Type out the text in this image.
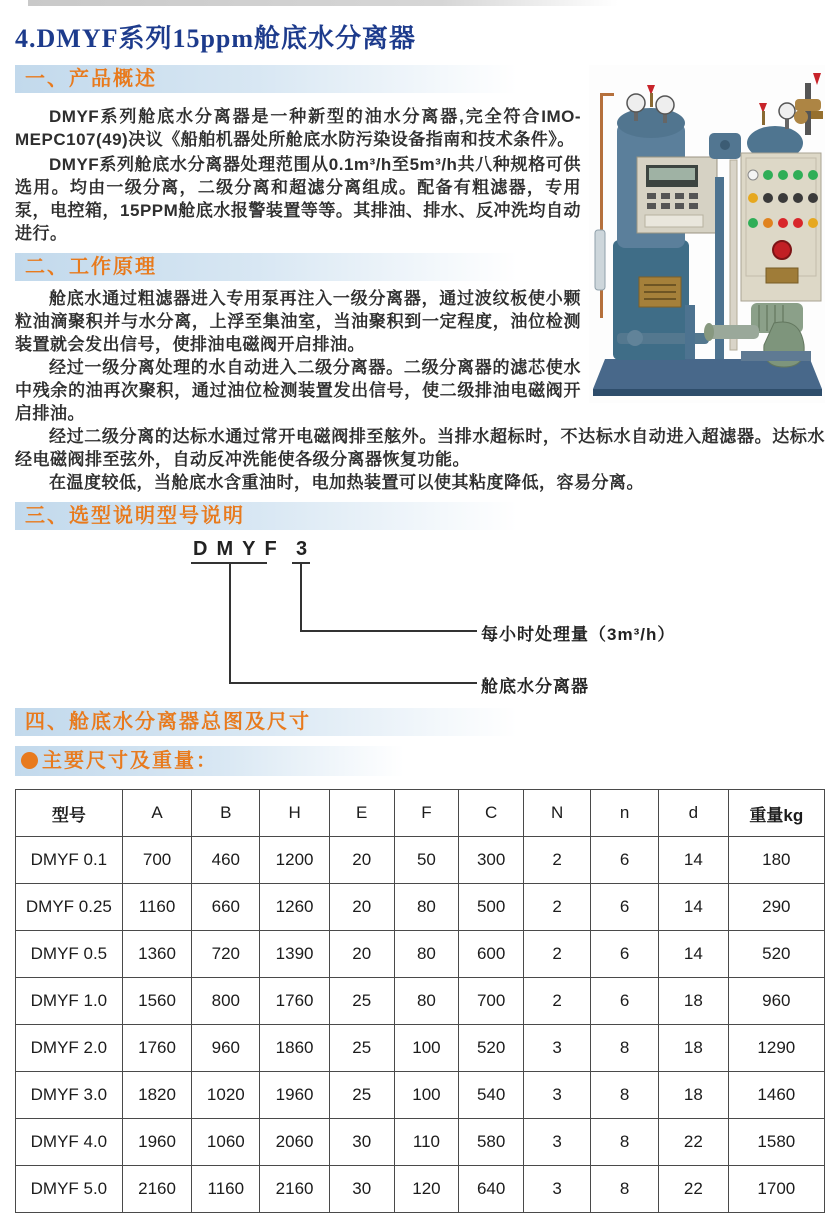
4.DMYF系列15ppm舱底水分离器
一、产品概述

DMYF系列舱底水分离器是一种新型的油水分离器,完全符合IMO-MEPC107(49)决议《船舶机器处所舱底水防污染设备指南和技术条件》。

DMYF系列舱底水分离器处理范围从0.1m³/h至5m³/h共八种规格可供选用。均由一级分离，二级分离和超滤分离组成。配备有粗滤器，专用泵，电控箱，15PPM舱底水报警装置等等。其排油、排水、反冲洗均自动进行。

二、工作原理

舱底水通过粗滤器进入专用泵再注入一级分离器，通过波纹板使小颗粒油滴聚积并与水分离，上浮至集油室，当油聚积到一定程度，油位检测装置就会发出信号，使排油电磁阀开启排油。

经过一级分离处理的水自动进入二级分离器。二级分离器的滤芯使水中残余的油再次聚积，通过油位检测装置发出信号，使二级排油电磁阀开启排油。

经过二级分离的达标水通过常开电磁阀排至舷外。当排水超标时，不达标水自动进入超滤器。达标水经电磁阀排至弦外，自动反冲洗能使各级分离器恢复功能。

在温度较低，当舱底水含重油时，电加热装置可以使其粘度降低，容易分离。

三、选型说明型号说明
DMYF 3
每小时处理量（3m³/h）
舱底水分离器
四、舱底水分离器总图及尺寸
主要尺寸及重量：
型号	A	B	H	E	F	C	N	n	d	重量kg
DMYF 0.1	700	460	1200	20	50	300	2	6	14	180
DMYF 0.25	1160	660	1260	20	80	500	2	6	14	290
DMYF 0.5	1360	720	1390	20	80	600	2	6	14	520
DMYF 1.0	1560	800	1760	25	80	700	2	6	18	960
DMYF 2.0	1760	960	1860	25	100	520	3	8	18	1290
DMYF 3.0	1820	1020	1960	25	100	540	3	8	18	1460
DMYF 4.0	1960	1060	2060	30	110	580	3	8	22	1580
DMYF 5.0	2160	1160	2160	30	120	640	3	8	22	1700
